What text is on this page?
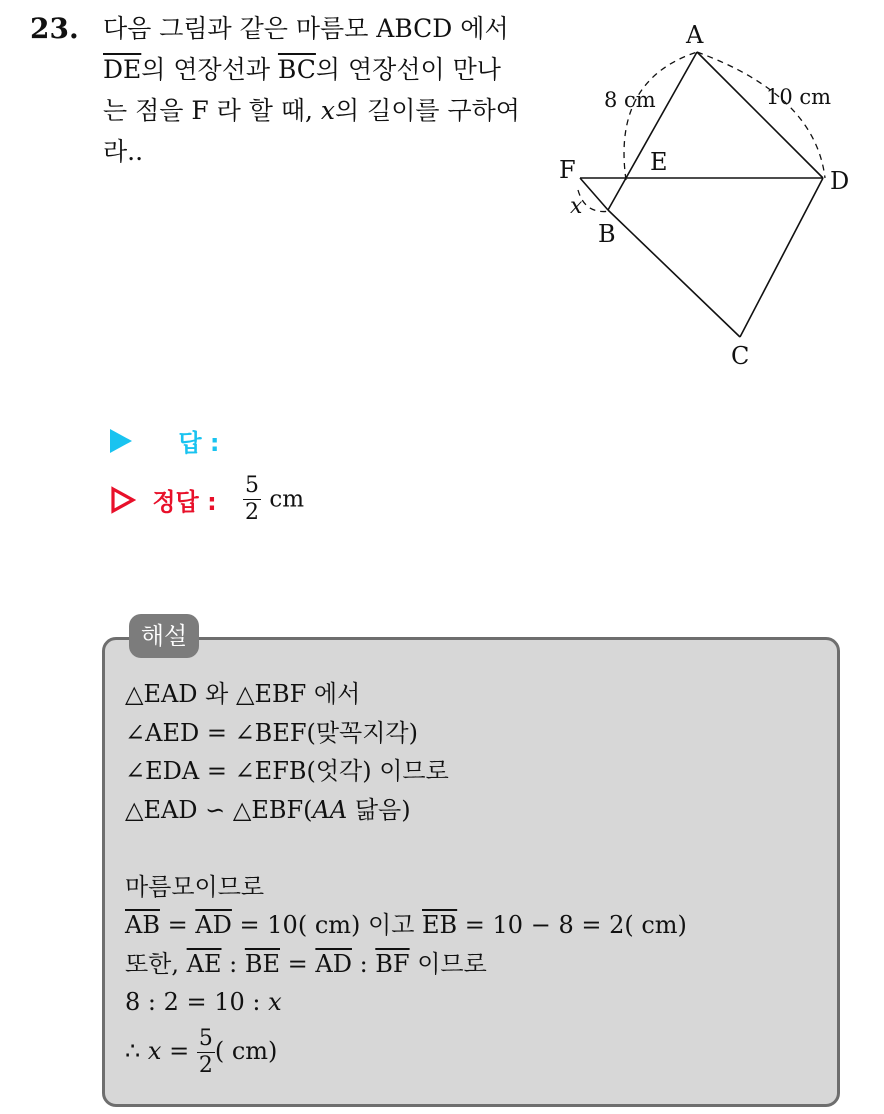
23. 다음 그림과 같은 마름모 ABCD 에서
$\overline{DE}$의 연장선과 $\overline{BC}$의 연장선이 만나
는 점을 F 라 할 때, x의 길이를 구하여
라..
A
B
C
D
E
F
x
8 cm	10 cm
답 :
정답 : $\frac{5}{2}$ cm
해설
△EAD 와 △EBF 에서
∠AED = ∠BEF(맞꼭지각)
∠EDA = ∠EFB(엇각) 이므로
△EAD ∽ △EBF(AA 닮음)

마름모이므로
$\overline{AB} = \overline{AD} = 10$( cm) 이고 $\overline{EB} = 10 - 8 = 2$( cm)
또한, $\overline{AE}$ : $\overline{BE} = \overline{AD}$ : $\overline{BF}$ 이므로
8 : 2 = 10 : x
∴ $x = \frac{5}{2}$ ( cm)
